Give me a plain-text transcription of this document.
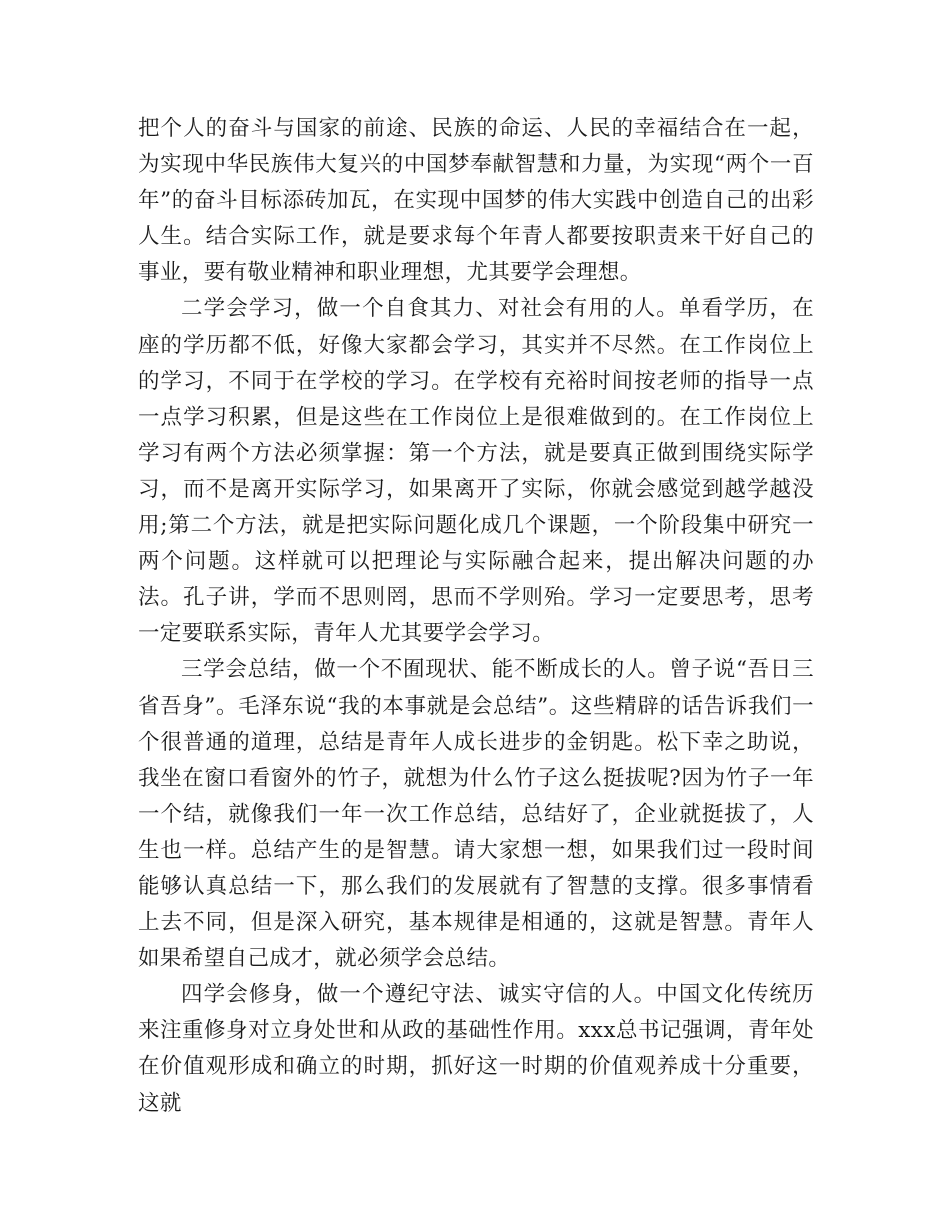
把个人的奋斗与国家的前途、民族的命运、人民的幸福结合在一起，为实现中华民族伟大复兴的中国梦奉献智慧和力量，为实现“两个一百年”的奋斗目标添砖加瓦，在实现中国梦的伟大实践中创造自己的出彩人生。结合实际工作，就是要求每个年青人都要按职责来干好自己的事业，要有敬业精神和职业理想，尤其要学会理想。

二学会学习，做一个自食其力、对社会有用的人。单看学历，在座的学历都不低，好像大家都会学习，其实并不尽然。在工作岗位上的学习，不同于在学校的学习。在学校有充裕时间按老师的指导一点一点学习积累，但是这些在工作岗位上是很难做到的。在工作岗位上学习有两个方法必须掌握：第一个方法，就是要真正做到围绕实际学习，而不是离开实际学习，如果离开了实际，你就会感觉到越学越没用;第二个方法，就是把实际问题化成几个课题，一个阶段集中研究一两个问题。这样就可以把理论与实际融合起来，提出解决问题的办法。孔子讲，学而不思则罔，思而不学则殆。学习一定要思考，思考一定要联系实际，青年人尤其要学会学习。

三学会总结，做一个不囿现状、能不断成长的人。曾子说“吾日三省吾身”。毛泽东说“我的本事就是会总结”。这些精辟的话告诉我们一个很普通的道理，总结是青年人成长进步的金钥匙。松下幸之助说，我坐在窗口看窗外的竹子，就想为什么竹子这么挺拔呢?因为竹子一年一个结，就像我们一年一次工作总结，总结好了，企业就挺拔了，人生也一样。总结产生的是智慧。请大家想一想，如果我们过一段时间能够认真总结一下，那么我们的发展就有了智慧的支撑。很多事情看上去不同，但是深入研究，基本规律是相通的，这就是智慧。青年人如果希望自己成才，就必须学会总结。

四学会修身，做一个遵纪守法、诚实守信的人。中国文化传统历来注重修身对立身处世和从政的基础性作用。xxx总书记强调，青年处在价值观形成和确立的时期，抓好这一时期的价值观养成十分重要，这就
